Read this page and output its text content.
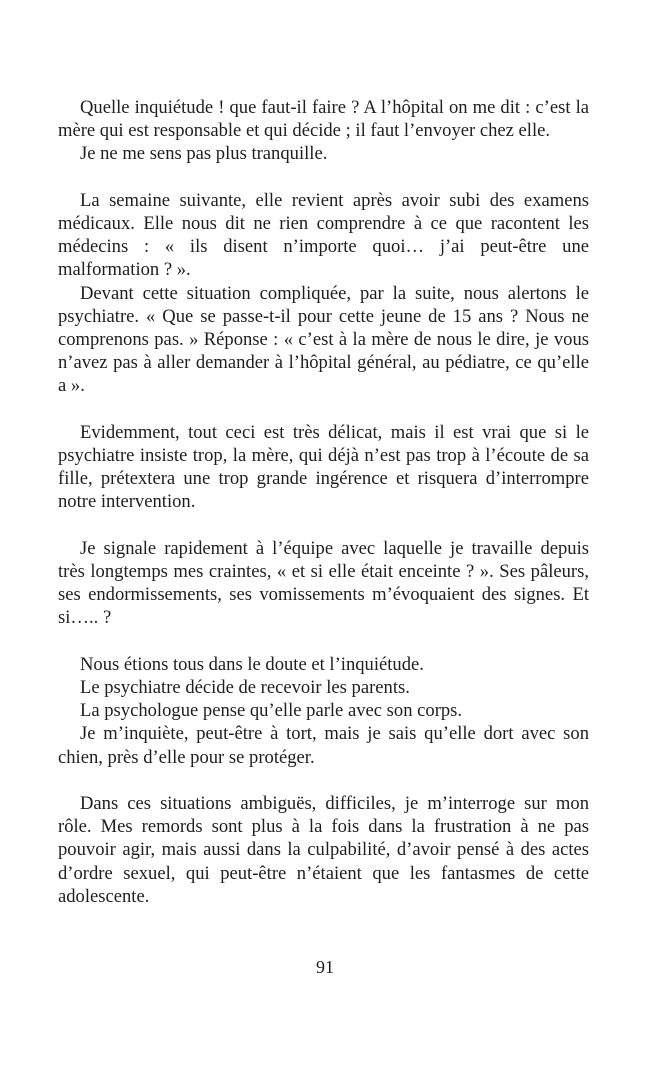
Quelle inquiétude ! que faut-il faire ? A l’hôpital on me dit : c’est la mère qui est responsable et qui décide ; il faut l’envoyer chez elle.

Je ne me sens pas plus tranquille.

La semaine suivante, elle revient après avoir subi des examens médicaux. Elle nous dit ne rien comprendre à ce que racontent les médecins : « ils disent n’importe quoi… j’ai peut-être une malformation ? ».

Devant cette situation compliquée, par la suite, nous alertons le psychiatre. « Que se passe-t-il pour cette jeune de 15 ans ? Nous ne comprenons pas. » Réponse : « c’est à la mère de nous le dire, je vous n’avez pas à aller demander à l’hôpital général, au pédiatre, ce qu’elle a ».

Evidemment, tout ceci est très délicat, mais il est vrai que si le psychiatre insiste trop, la mère, qui déjà n’est pas trop à l’écoute de sa fille, prétextera une trop grande ingérence et risquera d’interrompre notre intervention.

Je signale rapidement à l’équipe avec laquelle je travaille depuis très longtemps mes craintes, « et si elle était enceinte ? ». Ses pâleurs, ses endormissements, ses vomissements m’évoquaient des signes. Et si….. ?

Nous étions tous dans le doute et l’inquiétude.

Le psychiatre décide de recevoir les parents.

La psychologue pense qu’elle parle avec son corps.

Je m’inquiète, peut-être à tort, mais je sais qu’elle dort avec son chien, près d’elle pour se protéger.

Dans ces situations ambiguës, difficiles, je m’interroge sur mon rôle. Mes remords sont plus à la fois dans la frustration à ne pas pouvoir agir, mais aussi dans la culpabilité, d’avoir pensé à des actes d’ordre sexuel, qui peut-être n’étaient que les fantasmes de cette adolescente.

91
